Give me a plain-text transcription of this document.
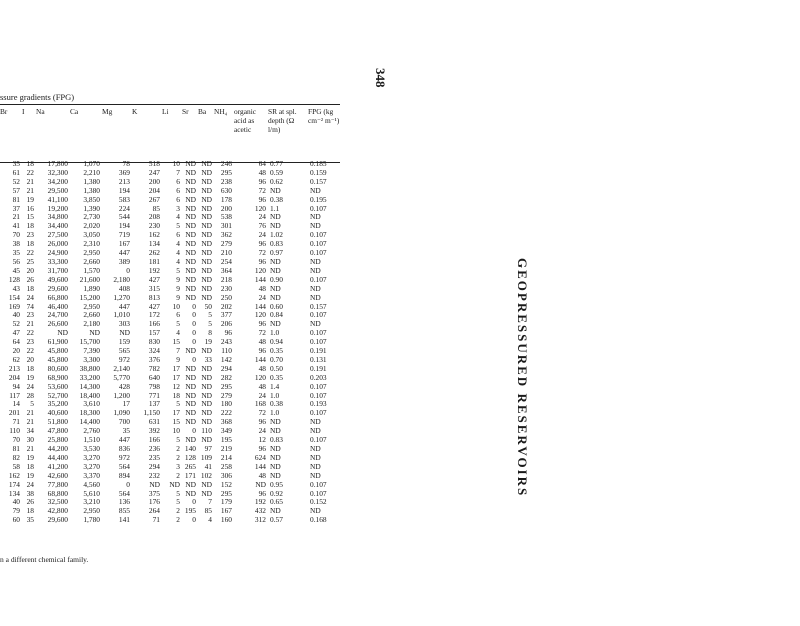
348
GEOPRESSURED RESERVOIRS
ssure gradients (FPG)
Br	I	Na	Ca	Mg	K	Li	Sr	Ba	NH₄	organic acid as acetic	SR at spl. depth (Ω l/m)	FPG (kg cm⁻² m⁻¹)
35	18	17,800	1,070	78	518	10	ND	ND	246	64	0.77	0.185
61	22	32,300	2,210	369	247	7	ND	ND	295	48	0.59	0.159
52	21	34,200	1,380	213	200	6	ND	ND	238	96	0.62	0.157
57	21	29,500	1,380	194	204	6	ND	ND	630	72	ND	ND
81	19	41,100	3,850	583	267	6	ND	ND	178	96	0.38	0.195
37	16	19,200	1,390	224	85	3	ND	ND	200	120	1.1	0.107
21	15	34,800	2,730	544	208	4	ND	ND	538	24	ND	ND
41	18	34,400	2,020	194	230	5	ND	ND	301	76	ND	ND
70	23	27,500	3,050	719	162	6	ND	ND	362	24	1.02	0.107
38	18	26,000	2,310	167	134	4	ND	ND	279	96	0.83	0.107
35	22	24,900	2,950	447	262	4	ND	ND	210	72	0.97	0.107
56	25	33,300	2,660	389	181	4	ND	ND	254	96	ND	ND
45	20	31,700	1,570	0	192	5	ND	ND	364	120	ND	ND
128	26	49,600	21,600	2,180	427	9	ND	ND	218	144	0.90	0.107
43	18	29,600	1,890	408	315	9	ND	ND	230	48	ND	ND
154	24	66,800	15,200	1,270	813	9	ND	ND	250	24	ND	ND
169	74	46,400	2,950	447	427	10	0	50	202	144	0.60	0.157
40	23	24,700	2,660	1,010	172	6	0	5	377	120	0.84	0.107
52	21	26,600	2,180	303	166	5	0	5	206	96	ND	ND
47	22	ND	ND	ND	157	4	0	8	96	72	1.0	0.107
64	23	61,900	15,700	159	830	15	0	19	243	48	0.94	0.107
20	22	45,800	7,390	565	324	7	ND	ND	110	96	0.35	0.191
62	20	45,800	3,300	972	376	9	0	33	142	144	0.70	0.131
213	18	80,600	38,800	2,140	782	17	ND	ND	294	48	0.50	0.191
204	19	68,900	33,200	5,770	640	17	ND	ND	282	120	0.35	0.203
94	24	53,600	14,300	428	798	12	ND	ND	295	48	1.4	0.107
117	28	52,700	18,400	1,200	771	18	ND	ND	279	24	1.0	0.107
14	5	35,200	3,610	17	137	5	ND	ND	180	168	0.38	0.193
201	21	40,600	18,300	1,090	1,150	17	ND	ND	222	72	1.0	0.107
71	21	51,800	14,400	700	631	15	ND	ND	368	96	ND	ND
110	34	47,800	2,760	35	392	10	0	110	349	24	ND	ND
70	30	25,800	1,510	447	166	5	ND	ND	195	12	0.83	0.107
81	21	44,200	3,530	836	236	2	140	97	219	96	ND	ND
82	19	44,400	3,270	972	235	2	128	109	214	624	ND	ND
58	18	41,200	3,270	564	294	3	265	41	258	144	ND	ND
162	19	42,600	3,370	894	232	2	171	102	306	48	ND	ND
174	24	77,800	4,560	0	ND	ND	ND	ND	152	ND	0.95	0.107
134	38	68,800	5,610	564	375	5	ND	ND	295	96	0.92	0.107
40	26	32,500	3,210	136	176	5	0	7	179	192	0.65	0.152
79	18	42,800	2,950	855	264	2	195	85	167	432	ND	ND
60	35	29,600	1,780	141	71	2	0	4	160	312	0.57	0.168
n a different chemical family.
